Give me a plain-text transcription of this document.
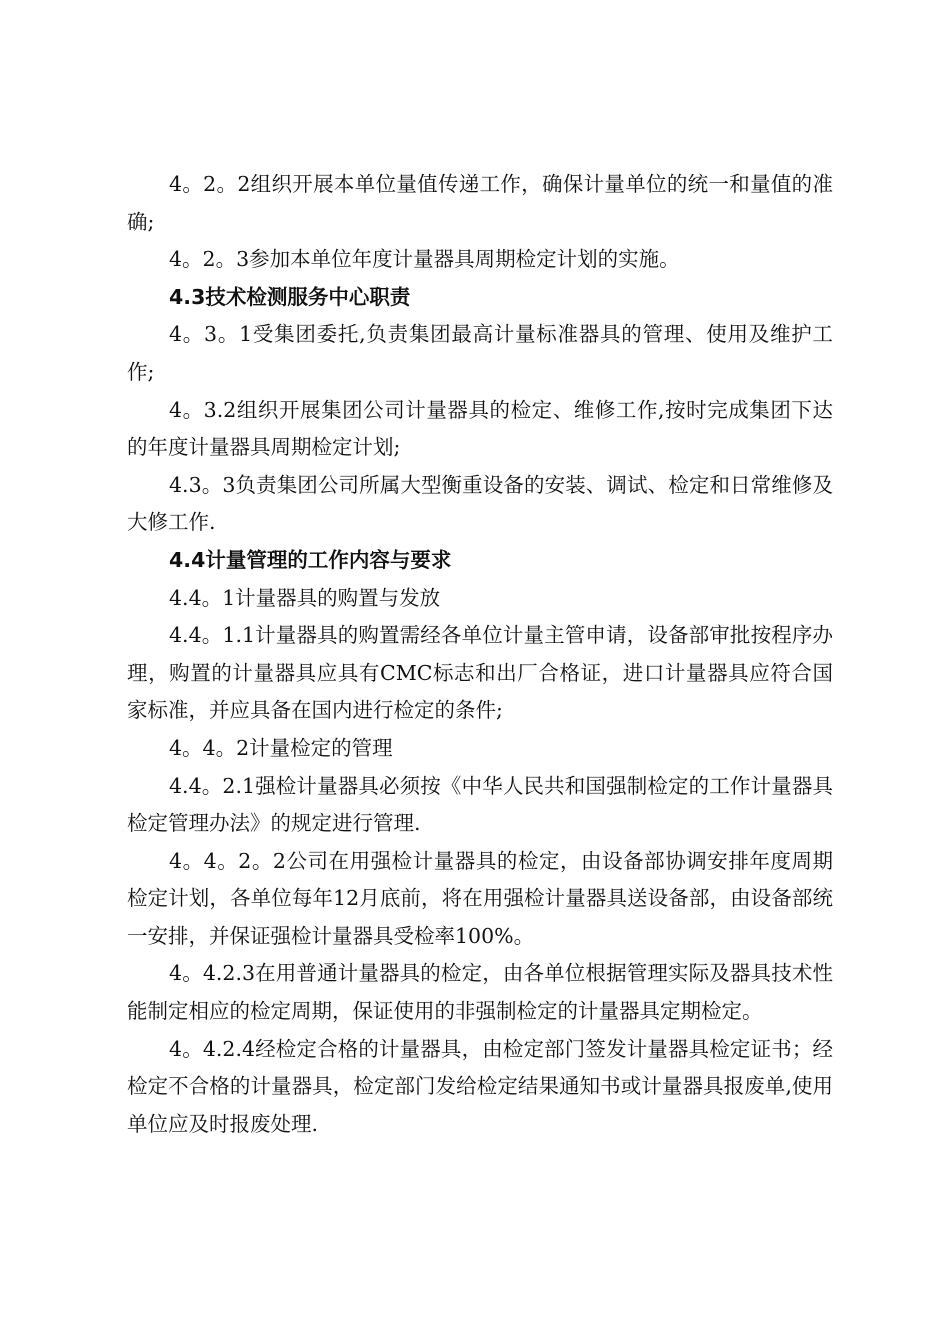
4。2。2组织开展本单位量值传递工作，确保计量单位的统一和量值的准确;

4。2。3参加本单位年度计量器具周期检定计划的实施。

4.3技术检测服务中心职责

4。3。1受集团委托,负责集团最高计量标准器具的管理、使用及维护工作;

4。3.2组织开展集团公司计量器具的检定、维修工作,按时完成集团下达的年度计量器具周期检定计划;

4.3。3负责集团公司所属大型衡重设备的安装、调试、检定和日常维修及大修工作.

4.4计量管理的工作内容与要求

4.4。1计量器具的购置与发放

4.4。1.1计量器具的购置需经各单位计量主管申请，设备部审批按程序办理，购置的计量器具应具有CMC标志和出厂合格证，进口计量器具应符合国家标准，并应具备在国内进行检定的条件;

4。4。2计量检定的管理

4.4。2.1强检计量器具必须按《中华人民共和国强制检定的工作计量器具检定管理办法》的规定进行管理.

4。4。2。2公司在用强检计量器具的检定，由设备部协调安排年度周期检定计划，各单位每年12月底前，将在用强检计量器具送设备部，由设备部统一安排，并保证强检计量器具受检率100%。

4。4.2.3在用普通计量器具的检定，由各单位根据管理实际及器具技术性能制定相应的检定周期，保证使用的非强制检定的计量器具定期检定。

4。4.2.4经检定合格的计量器具，由检定部门签发计量器具检定证书；经检定不合格的计量器具，检定部门发给检定结果通知书或计量器具报废单,使用单位应及时报废处理.
